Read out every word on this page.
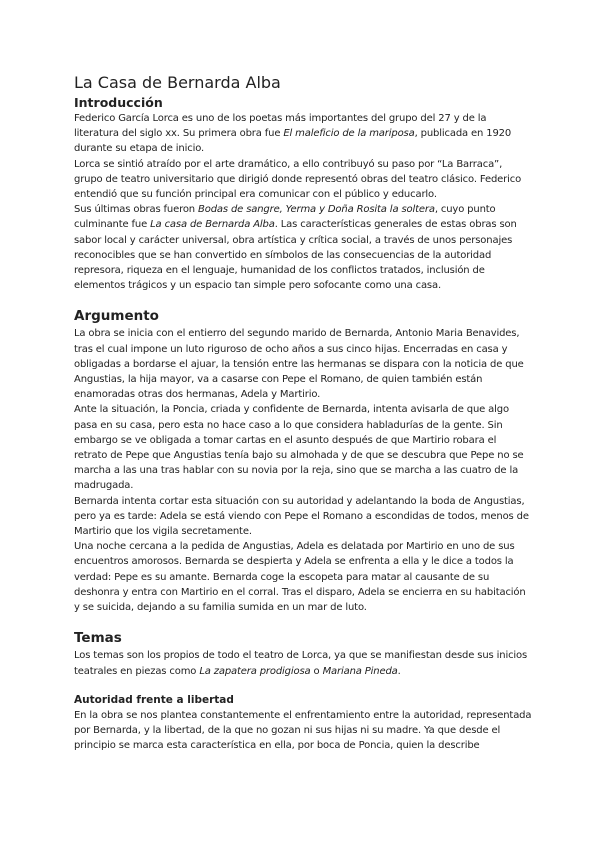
La Casa de Bernarda Alba
Introducción

Federico García Lorca es uno de los poetas más importantes del grupo del 27 y de la literatura del siglo xx. Su primera obra fue El maleficio de la mariposa, publicada en 1920 durante su etapa de inicio.

Lorca se sintió atraído por el arte dramático, a ello contribuyó su paso por “La Barraca”, grupo de teatro universitario que dirigió donde representó obras del teatro clásico. Federico entendió que su función principal era comunicar con el público y educarlo.

Sus últimas obras fueron Bodas de sangre, Yerma y Doña Rosita la soltera, cuyo punto culminante fue La casa de Bernarda Alba. Las características generales de estas obras son sabor local y carácter universal, obra artística y crítica social, a través de unos personajes reconocibles que se han convertido en símbolos de las consecuencias de la autoridad represora, riqueza en el lenguaje, humanidad de los conflictos tratados, inclusión de elementos trágicos y un espacio tan simple pero sofocante como una casa.

Argumento

La obra se inicia con el entierro del segundo marido de Bernarda, Antonio Maria Benavides, tras el cual impone un luto riguroso de ocho años a sus cinco hijas. Encerradas en casa y obligadas a bordarse el ajuar, la tensión entre las hermanas se dispara con la noticia de que Angustias, la hija mayor, va a casarse con Pepe el Romano, de quien también están enamoradas otras dos hermanas, Adela y Martirio.

Ante la situación, la Poncia, criada y confidente de Bernarda, intenta avisarla de que algo pasa en su casa, pero esta no hace caso a lo que considera habladurías de la gente. Sin embargo se ve obligada a tomar cartas en el asunto después de que Martirio robara el retrato de Pepe que Angustias tenía bajo su almohada y de que se descubra que Pepe no se marcha a las una tras hablar con su novia por la reja, sino que se marcha a las cuatro de la madrugada.

Bernarda intenta cortar esta situación con su autoridad y adelantando la boda de Angustias, pero ya es tarde: Adela se está viendo con Pepe el Romano a escondidas de todos, menos de Martirio que los vigila secretamente.

Una noche cercana a la pedida de Angustias, Adela es delatada por Martirio en uno de sus encuentros amorosos. Bernarda se despierta y Adela se enfrenta a ella y le dice a todos la verdad: Pepe es su amante. Bernarda coge la escopeta para matar al causante de su deshonra y entra con Martirio en el corral. Tras el disparo, Adela se encierra en su habitación y se suicida, dejando a su familia sumida en un mar de luto.

Temas

Los temas son los propios de todo el teatro de Lorca, ya que se manifiestan desde sus inicios teatrales en piezas como La zapatera prodigiosa o Mariana Pineda.

Autoridad frente a libertad

En la obra se nos plantea constantemente el enfrentamiento entre la autoridad, representada por Bernarda, y la libertad, de la que no gozan ni sus hijas ni su madre. Ya que desde el principio se marca esta característica en ella, por boca de Poncia, quien la describe
